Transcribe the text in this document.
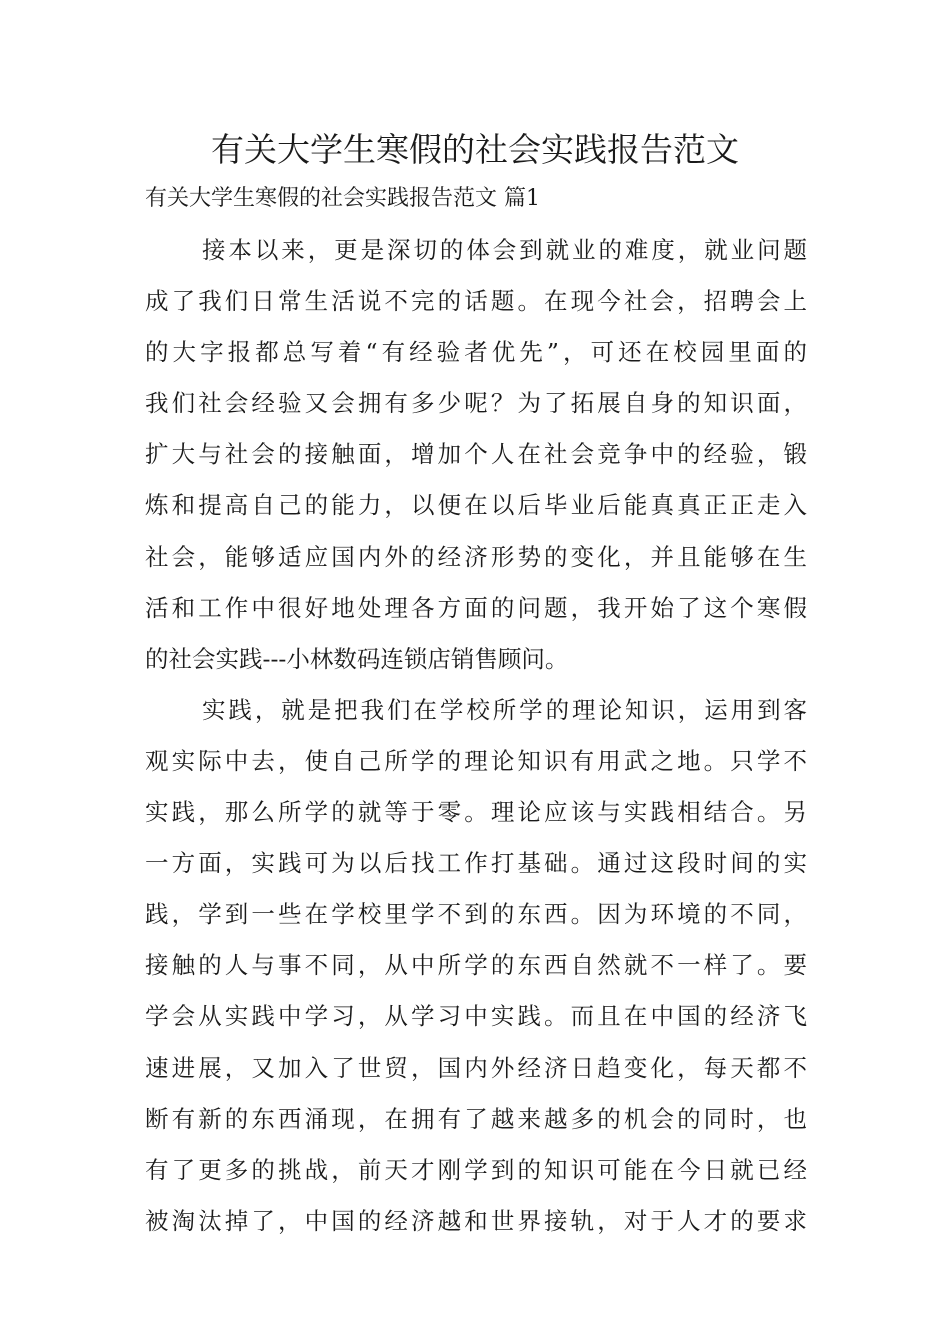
有关大学生寒假的社会实践报告范文

有关大学生寒假的社会实践报告范文 篇1

接本以来，更是深切的体会到就业的难度，就业问题
成了我们日常生活说不完的话题。在现今社会，招聘会上
的大字报都总写着“有经验者优先”，可还在校园里面的
我们社会经验又会拥有多少呢？为了拓展自身的知识面，
扩大与社会的接触面，增加个人在社会竞争中的经验，锻
炼和提高自己的能力，以便在以后毕业后能真真正正走入
社会，能够适应国内外的经济形势的变化，并且能够在生
活和工作中很好地处理各方面的问题，我开始了这个寒假
的社会实践---小林数码连锁店销售顾问。
实践，就是把我们在学校所学的理论知识，运用到客
观实际中去，使自己所学的理论知识有用武之地。只学不
实践，那么所学的就等于零。理论应该与实践相结合。另
一方面，实践可为以后找工作打基础。通过这段时间的实
践，学到一些在学校里学不到的东西。因为环境的不同，
接触的人与事不同，从中所学的东西自然就不一样了。要
学会从实践中学习，从学习中实践。而且在中国的经济飞
速进展，又加入了世贸，国内外经济日趋变化，每天都不
断有新的东西涌现，在拥有了越来越多的机会的同时，也
有了更多的挑战，前天才刚学到的知识可能在今日就已经
被淘汰掉了，中国的经济越和世界接轨，对于人才的要求
